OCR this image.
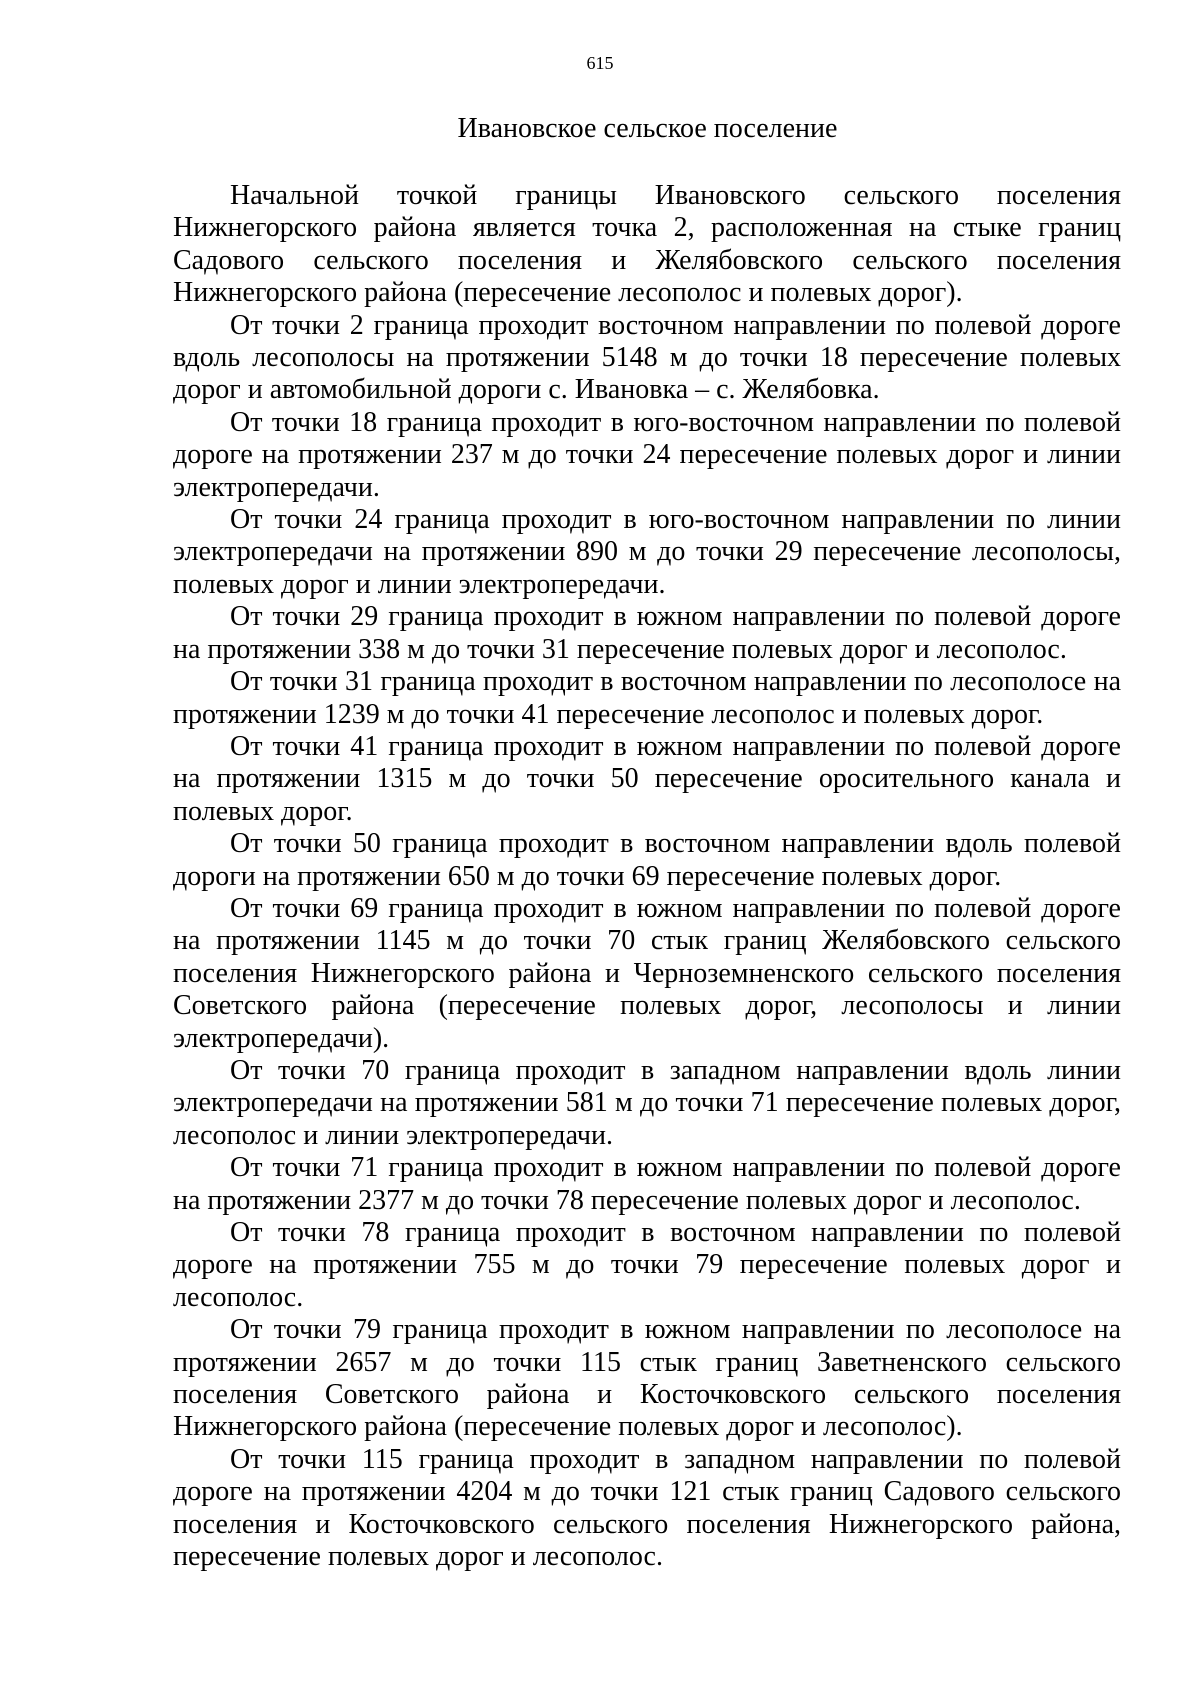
615
Ивановское сельское поселение

Начальной точкой границы Ивановского сельского поселения Нижнегорского района является точка 2, расположенная на стыке границ Садового сельского поселения и Желябовского сельского поселения Нижнегорского района (пересечение лесополос и полевых дорог).

От точки 2 граница проходит восточном направлении по полевой дороге вдоль лесополосы на протяжении 5148 м до точки 18 пересечение полевых дорог и автомобильной дороги с. Ивановка – с. Желябовка.

От точки 18 граница проходит в юго-восточном направлении по полевой дороге на протяжении 237 м до точки 24 пересечение полевых дорог и линии электропередачи.

От точки 24 граница проходит в юго-восточном направлении по линии электропередачи на протяжении 890 м до точки 29 пересечение лесополосы, полевых дорог и линии электропередачи.

От точки 29 граница проходит в южном направлении по полевой дороге на протяжении 338 м до точки 31 пересечение полевых дорог и лесополос.

От точки 31 граница проходит в восточном направлении по лесополосе на протяжении 1239 м до точки 41 пересечение лесополос и полевых дорог.

От точки 41 граница проходит в южном направлении по полевой дороге на протяжении 1315 м до точки 50 пересечение оросительного канала и полевых дорог.

От точки 50 граница проходит в восточном направлении вдоль полевой дороги на протяжении 650 м до точки 69 пересечение полевых дорог.

От точки 69 граница проходит в южном направлении по полевой дороге на протяжении 1145 м до точки 70 стык границ Желябовского сельского поселения Нижнегорского района и Черноземненского сельского поселения Советского района (пересечение полевых дорог, лесополосы и линии электропередачи).

От точки 70 граница проходит в западном направлении вдоль линии электропередачи на протяжении 581 м до точки 71 пересечение полевых дорог, лесополос и линии электропередачи.

От точки 71 граница проходит в южном направлении по полевой дороге на протяжении 2377 м до точки 78 пересечение полевых дорог и лесополос.

От точки 78 граница проходит в восточном направлении по полевой дороге на протяжении 755 м до точки 79 пересечение полевых дорог и лесополос.

От точки 79 граница проходит в южном направлении по лесополосе на протяжении 2657 м до точки 115 стык границ Заветненского сельского поселения Советского района и Косточковского сельского поселения Нижнегорского района (пересечение полевых дорог и лесополос).

От точки 115 граница проходит в западном направлении по полевой дороге на протяжении 4204 м до точки 121 стык границ Садового сельского поселения и Косточковского сельского поселения Нижнегорского района, пересечение полевых дорог и лесополос.
